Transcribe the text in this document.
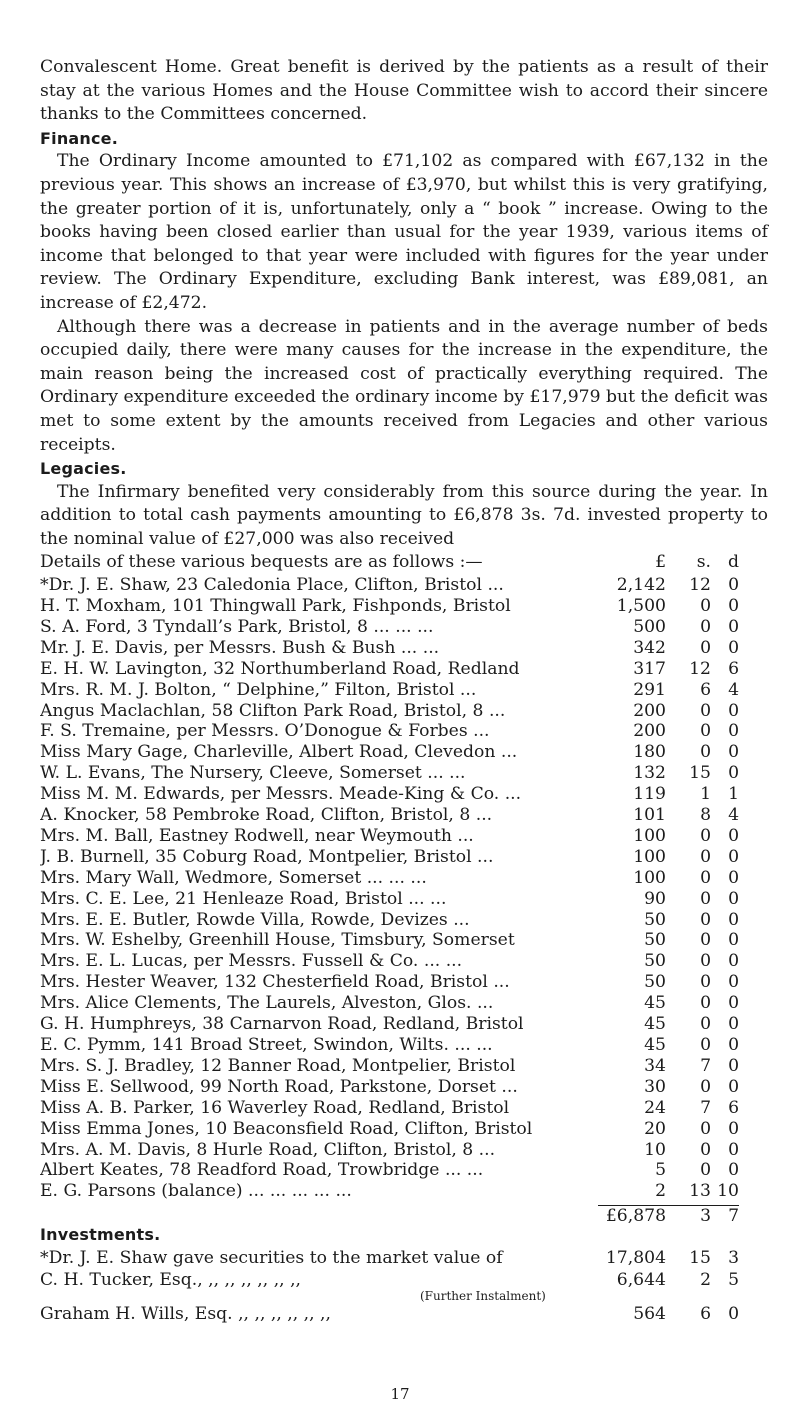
Convalescent Home. Great benefit is derived by the patients as a result of their stay at the various Homes and the House Committee wish to accord their sincere thanks to the Committees concerned.

Finance.

The Ordinary Income amounted to £71,102 as compared with £67,132 in the previous year. This shows an increase of £3,970, but whilst this is very gratifying, the greater portion of it is, unfortunately, only a “ book ” increase. Owing to the books having been closed earlier than usual for the year 1939, various items of income that belonged to that year were included with figures for the year under review. The Ordinary Expenditure, excluding Bank interest, was £89,081, an increase of £2,472.

Although there was a decrease in patients and in the average number of beds occupied daily, there were many causes for the increase in the expenditure, the main reason being the increased cost of practically everything required. The Ordinary expenditure exceeded the ordinary income by £17,979 but the deficit was met to some extent by the amounts received from Legacies and other various receipts.

Legacies.

The Infirmary benefited very considerably from this source during the year. In addition to total cash payments amounting to £6,878 3s. 7d. invested property to the nominal value of £27,000 was also received

Details of these various bequests are as follows :—	£	s. d
*Dr. J. E. Shaw, 23 Caledonia Place, Clifton, Bristol ...	2,142	12 0
H. T. Moxham, 101 Thingwall Park, Fishponds, Bristol	1,500	0 0
S. A. Ford, 3 Tyndall’s Park, Bristol, 8 ... ... ...	500	0 0
Mr. J. E. Davis, per Messrs. Bush & Bush ... ...	342	0 0
E. H. W. Lavington, 32 Northumberland Road, Redland	317	12 6
Mrs. R. M. J. Bolton, “ Delphine,” Filton, Bristol ...	291	6 4
Angus Maclachlan, 58 Clifton Park Road, Bristol, 8 ...	200	0 0
F. S. Tremaine, per Messrs. O’Donogue & Forbes ...	200	0 0
Miss Mary Gage, Charleville, Albert Road, Clevedon ...	180	0 0
W. L. Evans, The Nursery, Cleeve, Somerset ... ...	132	15 0
Miss M. M. Edwards, per Messrs. Meade-King & Co. ...	119	1 1
A. Knocker, 58 Pembroke Road, Clifton, Bristol, 8 ...	101	8 4
Mrs. M. Ball, Eastney Rodwell, near Weymouth ...	100	0 0
J. B. Burnell, 35 Coburg Road, Montpelier, Bristol ...	100	0 0
Mrs. Mary Wall, Wedmore, Somerset ... ... ...	100	0 0
Mrs. C. E. Lee, 21 Henleaze Road, Bristol ... ...	90	0 0
Mrs. E. E. Butler, Rowde Villa, Rowde, Devizes ...	50	0 0
Mrs. W. Eshelby, Greenhill House, Timsbury, Somerset	50	0 0
Mrs. E. L. Lucas, per Messrs. Fussell & Co. ... ...	50	0 0
Mrs. Hester Weaver, 132 Chesterfield Road, Bristol ...	50	0 0
Mrs. Alice Clements, The Laurels, Alveston, Glos. ...	45	0 0
G. H. Humphreys, 38 Carnarvon Road, Redland, Bristol	45	0 0
E. C. Pymm, 141 Broad Street, Swindon, Wilts. ... ...	45	0 0
Mrs. S. J. Bradley, 12 Banner Road, Montpelier, Bristol	34	7 0
Miss E. Sellwood, 99 North Road, Parkstone, Dorset ...	30	0 0
Miss A. B. Parker, 16 Waverley Road, Redland, Bristol	24	7 6
Miss Emma Jones, 10 Beaconsfield Road, Clifton, Bristol	20	0 0
Mrs. A. M. Davis, 8 Hurle Road, Clifton, Bristol, 8 ...	10	0 0
Albert Keates, 78 Readford Road, Trowbridge ... ...	5	0 0
E. G. Parsons (balance) ... ... ... ... ...	2	13 10
£6,878	3 7

Investments.

*Dr. J. E. Shaw gave securities to the market value of	17,804	15 3
C. H. Tucker, Esq., ,, ,, ,, ,, ,, ,,	6,644	2 5
(Further Instalment)
Graham H. Wills, Esq. ,, ,, ,, ,, ,, ,,	564	6 0
17
